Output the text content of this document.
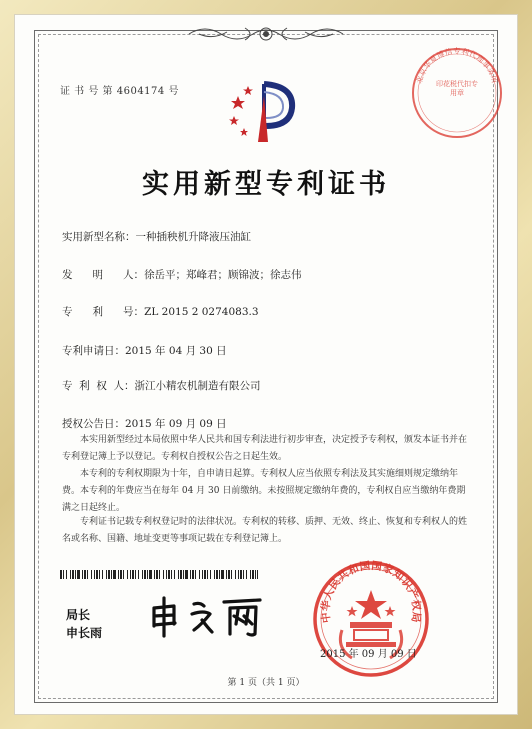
证 书 号 第 4604174 号
实用新型专利证书
实用新型名称：一种插秧机升降液压油缸
发      明      人：徐岳平；郑峰君；顾锦波；徐志伟
专      利      号：ZL 2015 2 0274083.3
专利申请日：2015 年 04 月 30 日
专  利  权  人：浙江小精农机制造有限公司
授权公告日：2015 年 09 月 09 日
本实用新型经过本局依照中华人民共和国专利法进行初步审查，决定授予专利权，颁发本证书并在专利登记簿上予以登记。专利权自授权公告之日起生效。
本专利的专利权期限为十年，自申请日起算。专利权人应当依照专利法及其实施细则规定缴纳年费。本专利的年费应当在每年 04 月 30 日前缴纳。未按照规定缴纳年费的，专利权自应当缴纳年费期满之日起终止。
专利证书记载专利权登记时的法律状况。专利权的转移、质押、无效、终止、恢复和专利权人的姓名或名称、国籍、地址变更等事项记载在专利登记簿上。
局长
申长雨
中华人民共和国国家知识产权局
2015 年 09 月 09 日
北京华夏博信专利代理事务所
印花税代扣专用章
第 1 页（共 1 页）
